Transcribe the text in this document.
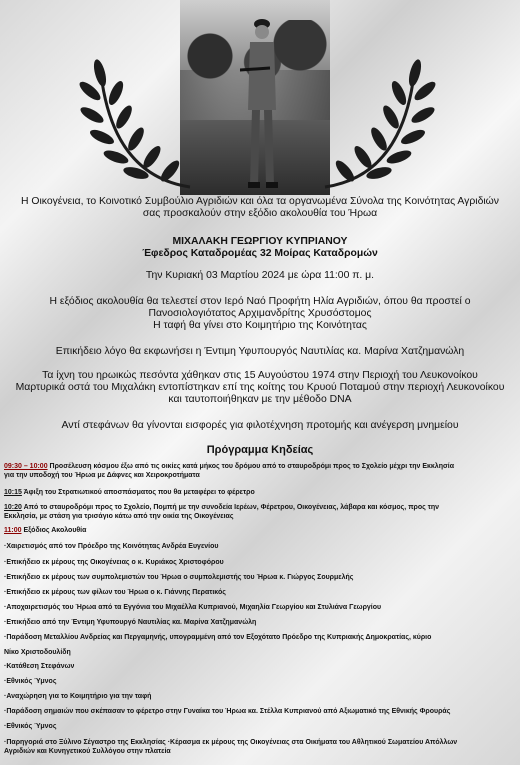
Η Οικογένεια, το Κοινοτικό Συμβούλιο Αγριδιών και όλα τα οργανωμένα Σύνολα της Κοινότητας Αγριδιών
σας προσκαλούν στην εξόδιο ακολουθία του Ήρωα
ΜΙΧΑΛΑΚΗ ΓΕΩΡΓΙΟΥ ΚΥΠΡΙΑΝΟΥ
Έφεδρος Καταδρομέας 32 Μοίρας Καταδρομών
Την Κυριακή 03 Μαρτίου 2024 με ώρα 11:00 π. μ.
Η εξόδιος ακολουθία θα τελεστεί στον Ιερό Ναό Προφήτη Ηλία Αγριδιών, όπου θα προστεί ο
Πανοσιολογιότατος Αρχιμανδρίτης Χρυσόστομος
Η ταφή θα γίνει στο Κοιμητήριο της Κοινότητας
Επικήδειο λόγο θα εκφωνήσει η Έντιμη Υφυπουργός Ναυτιλίας κα. Μαρίνα Χατζημανώλη
Τα ίχνη του ηρωικώς πεσόντα χάθηκαν στις 15 Αυγούστου 1974 στην Περιοχή του Λευκονοίκου
Μαρτυρικά οστά του Μιχαλάκη εντοπίστηκαν επί της κοίτης του Κρυού Ποταμού στην περιοχή Λευκονοίκου
και ταυτοποιήθηκαν με την μέθοδο DNA
Αντί στεφάνων θα γίνονται εισφορές για φιλοτέχνηση προτομής και ανέγερση μνημείου
Πρόγραμμα Κηδείας
09:30 – 10:00 Προσέλευση κόσμου έξω από τις οικίες κατά μήκος του δρόμου από το σταυροδρόμι προς το Σχολείο μέχρι την Εκκλησία
για την υποδοχή του Ήρωα με Δάφνες και Χειροκροτήματα
10:15 Άφιξη του Στρατιωτικού αποσπάσματος που θα μεταφέρει το φέρετρο
10:20 Από το σταυροδρόμι προς το Σχολείο, Πομπή με την συνοδεία Ιερέων, Φέρετρου, Οικογένειας, λάβαρα και κόσμος, προς την
Εκκλησία, με στάση για τρισάγιο κάτω από την οικία της Οικογένειας
11:00 Εξόδιος Ακολουθία
·Χαιρετισμός από τον Πρόεδρο της Κοινότητας Ανδρέα Ευγενίου
·Επικήδειο εκ μέρους της Οικογένειας ο κ. Κυριάκος Χριστοφόρου
·Επικήδειο εκ μέρους των συμπολεμιστών του Ήρωα ο συμπολεμιστής του Ήρωα κ. Γιώργος Σουρμελής
·Επικήδειο εκ μέρους των φίλων του Ήρωα ο κ. Γιάννης Περατικός
·Αποχαιρετισμός του Ήρωα από τα Εγγόνια του Μιχαέλλα Κυπριανού, Μιχαηλία Γεωργίου και Στυλιάνα Γεωργίου
·Επικήδειο από την Έντιμη Υφυπουργό Ναυτιλίας κα. Μαρίνα Χατζημανώλη
·Παράδοση Μεταλλίου Ανδρείας και Περγαμηνής, υπογραμμένη από τον Εξοχότατο Πρόεδρο της Κυπριακής Δημοκρατίας, κύριο
Νίκο Χριστοδουλίδη
·Κατάθεση Στεφάνων
·Εθνικός Ύμνος
·Αναχώρηση για το Κοιμητήριο για την ταφή
·Παράδοση σημαιών που σκέπασαν το φέρετρο στην Γυναίκα του Ήρωα κα. Στέλλα Κυπριανού από Αξιωματικό της Εθνικής Φρουράς
·Εθνικός Ύμνος
·Παρηγοριά στο Ξύλινο Σέγαστρο της Εκκλησίας ·Κέρασμα εκ μέρους της Οικογένειας στα Οικήματα του Αθλητικού Σωματείου Απόλλων
Αγριδιών και Κυνηγετικού Συλλόγου στην πλατεία
